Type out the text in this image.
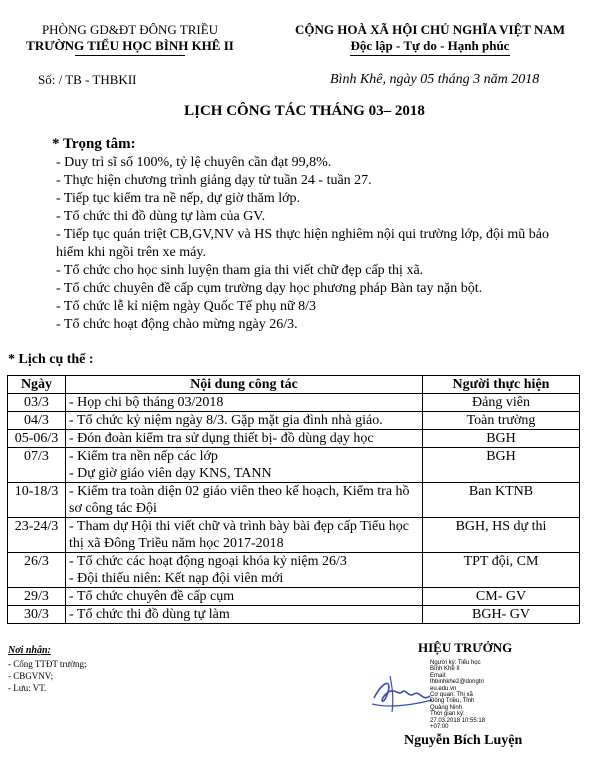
PHÒNG GD&ĐT ĐÔNG TRIỀU
TRƯỜNG TIỂU HỌC BÌNH KHÊ II
CỘNG HOÀ XÃ HỘI CHỦ NGHĨA VIỆT NAM
Độc lập - Tự do - Hạnh phúc
Số: / TB - THBKII	Bình Khê, ngày 05 tháng 3 năm 2018
LỊCH CÔNG TÁC THÁNG 03– 2018
* Trọng tâm:
- Duy trì sĩ số 100%, tỷ lệ chuyên cần đạt 99,8%.
- Thực hiện chương trình giảng dạy từ tuần 24 - tuần 27.
- Tiếp tục kiểm tra nề nếp, dự giờ thăm lớp.
- Tổ chức thi đồ dùng tự làm của GV.
- Tiếp tục quán triệt CB,GV,NV và HS thực hiện nghiêm nội qui trường lớp, đội mũ bảo hiểm khi ngồi trên xe máy.
- Tổ chức cho học sinh luyện tham gia thi viết chữ đẹp cấp thị xã.
- Tổ chức chuyên đề cấp cụm trường dạy học phương pháp Bàn tay nặn bột.
- Tổ chức lễ kỉ niệm ngày Quốc Tế phụ nữ 8/3
- Tổ chức hoạt động chào mừng ngày 26/3.
* Lịch cụ thể :
Ngày	Nội dung công tác	Người thực hiện
03/3	- Họp chi bộ tháng 03/2018	Đảng viên
04/3	- Tổ chức kỷ niệm ngày 8/3. Gặp mặt gia đình nhà giáo.	Toàn trường
05-06/3	- Đón đoàn kiểm tra sử dụng thiết bị- đồ dùng dạy học	BGH
07/3	- Kiểm tra nền nếp các lớp
- Dự giờ giáo viên dạy KNS, TANN	BGH
10-18/3	- Kiểm tra toàn diện 02 giáo viên theo kế hoạch, Kiểm tra hồ sơ công tác Đội	Ban KTNB
23-24/3	- Tham dự Hội thi viết chữ và trình bày bài đẹp cấp Tiểu học thị xã Đông Triều năm học 2017-2018	BGH, HS dự thi
26/3	- Tổ chức các hoạt động ngoại khóa kỷ niệm 26/3
- Đội thiếu niên: Kết nạp đội viên mới	TPT đội, CM
29/3	- Tổ chức chuyên đề cấp cụm	CM- GV
30/3	- Tổ chức thi đồ dùng tự làm	BGH- GV
Nơi nhận:
- Cổng TTĐT trường;
- CBGVNV;
- Lưu: VT.
HIỆU TRƯỞNG
Người ký: Tiểu học
Bình Khê II
Email:
thbinhkhe2@dongtri
eu.edu.vn
Cơ quan: Thị xã
Đông Triều, Tỉnh
Quảng Ninh
Thời gian ký:
27.03.2018 10:55:18
+07:00
Nguyễn Bích Luyện
